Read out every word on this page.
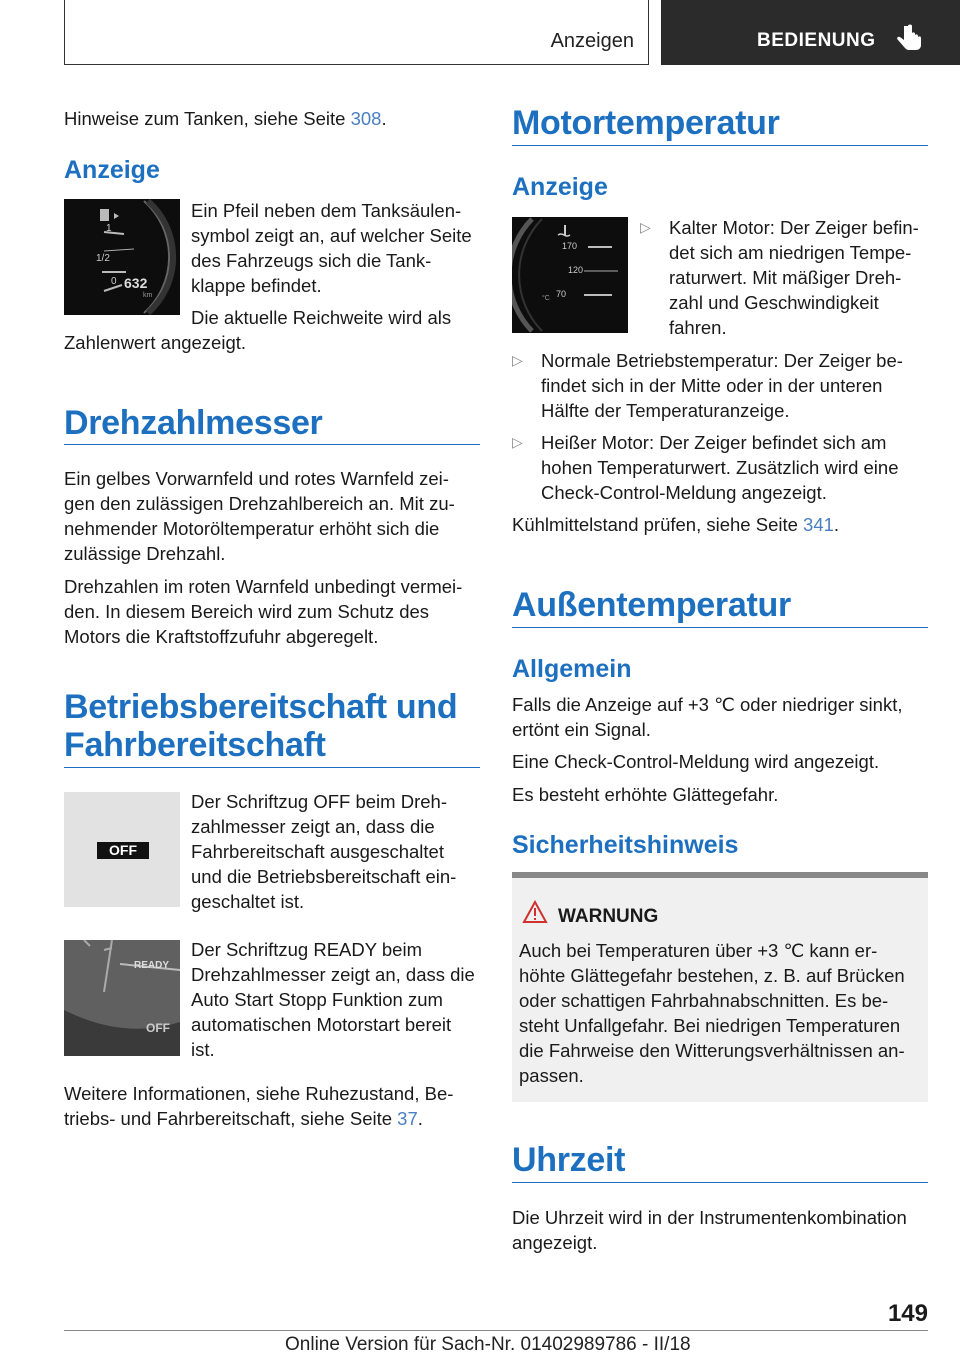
Anzeigen	BEDIENUNG

Hinweise zum Tanken, siehe Seite 308.

Anzeige
1
1/2
0 632
km

Ein Pfeil neben dem Tanksäulen-

symbol zeigt an, auf welcher Seite

des Fahrzeugs sich die Tank-

klappe befindet.

Die aktuelle Reichweite wird als

Zahlenwert angezeigt.

Drehzahlmesser

Ein gelbes Vorwarnfeld und rotes Warnfeld zei-

gen den zulässigen Drehzahlbereich an. Mit zu-

nehmender Motoröltemperatur erhöht sich die

zulässige Drehzahl.

Drehzahlen im roten Warnfeld unbedingt vermei-

den. In diesem Bereich wird zum Schutz des

Motors die Kraftstoffzufuhr abgeregelt.

Betriebsbereitschaft und
Fahrbereitschaft
OFF

Der Schriftzug OFF beim Dreh-

zahlmesser zeigt an, dass die

Fahrbereitschaft ausgeschaltet

und die Betriebsbereitschaft ein-

geschaltet ist.

READY
OFF

Der Schriftzug READY beim

Drehzahlmesser zeigt an, dass die

Auto Start Stopp Funktion zum

automatischen Motorstart bereit

ist.

Weitere Informationen, siehe Ruhezustand, Be-

triebs- und Fahrbereitschaft, siehe Seite 37.

Motortemperatur
Anzeige
170
120
70
°C
▷ Kalter Motor: Der Zeiger befin-

det sich am niedrigen Tempe-

raturwert. Mit mäßiger Dreh-

zahl und Geschwindigkeit

fahren.

▷ Normale Betriebstemperatur: Der Zeiger be-

findet sich in der Mitte oder in der unteren

Hälfte der Temperaturanzeige.

▷ Heißer Motor: Der Zeiger befindet sich am

hohen Temperaturwert. Zusätzlich wird eine

Check-Control-Meldung angezeigt.

Kühlmittelstand prüfen, siehe Seite 341.

Außentemperatur
Allgemein

Falls die Anzeige auf +3 ℃ oder niedriger sinkt,

ertönt ein Signal.

Eine Check-Control-Meldung wird angezeigt.

Es besteht erhöhte Glättegefahr.

Sicherheitshinweis
WARNUNG

Auch bei Temperaturen über +3 ℃ kann er-

höhte Glättegefahr bestehen, z. B. auf Brücken

oder schattigen Fahrbahnabschnitten. Es be-

steht Unfallgefahr. Bei niedrigen Temperaturen

die Fahrweise den Witterungsverhältnissen an-

passen.

Uhrzeit

Die Uhrzeit wird in der Instrumentenkombination

angezeigt.

149
Online Version für Sach-Nr. 01402989786 - II/18
